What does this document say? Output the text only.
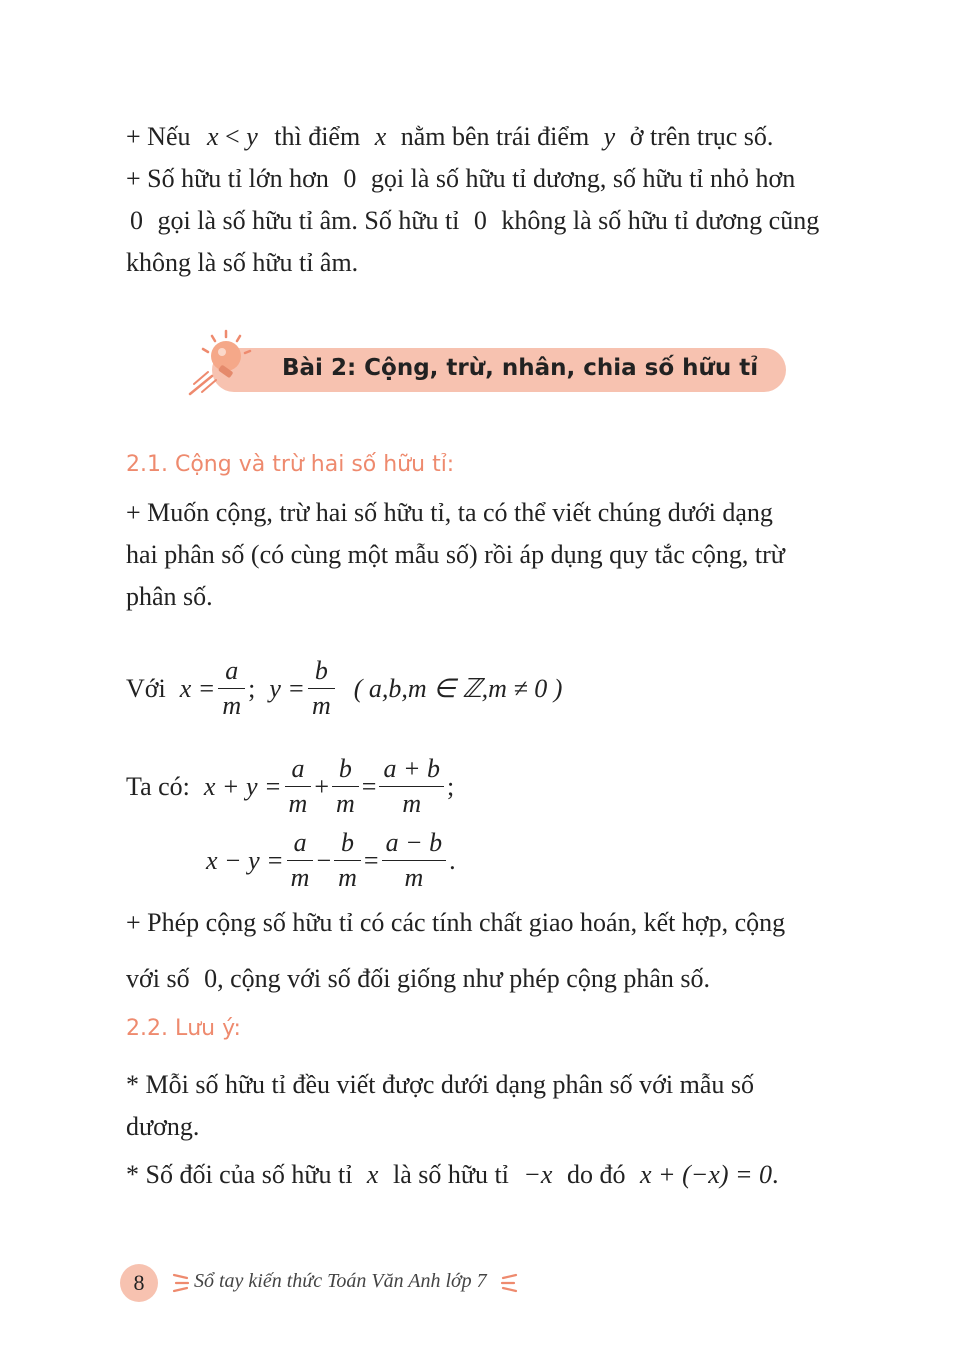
+ Nếu x < y thì điểm x nằm bên trái điểm y ở trên trục số.
+ Số hữu tỉ lớn hơn 0 gọi là số hữu tỉ dương, số hữu tỉ nhỏ hơn
0 gọi là số hữu tỉ âm. Số hữu tỉ 0 không là số hữu tỉ dương cũng
không là số hữu tỉ âm.
Bài 2: Cộng, trừ, nhân, chia số hữu tỉ
2.1. Cộng và trừ hai số hữu tỉ:
+ Muốn cộng, trừ hai số hữu tỉ, ta có thể viết chúng dưới dạng
hai phân số (có cùng một mẫu số) rồi áp dụng quy tắc cộng, trừ
phân số.
Với $x = \frac{a}{m}$ ; $y = \frac{b}{m}$ ( a,b,m ∈ ℤ,m ≠ 0 )
Ta có: $x + y = \frac{a}{m} + \frac{b}{m} = \frac{a + b}{m}$ ;
$x - y = \frac{a}{m} - \frac{b}{m} = \frac{a - b}{m}$ .
+ Phép cộng số hữu tỉ có các tính chất giao hoán, kết hợp, cộng
với số 0, cộng với số đối giống như phép cộng phân số.
2.2. Lưu ý:
* Mỗi số hữu tỉ đều viết được dưới dạng phân số với mẫu số
dương.
* Số đối của số hữu tỉ x là số hữu tỉ −x do đó x + (−x) = 0.
8	Sổ tay kiến thức Toán Văn Anh lớp 7
